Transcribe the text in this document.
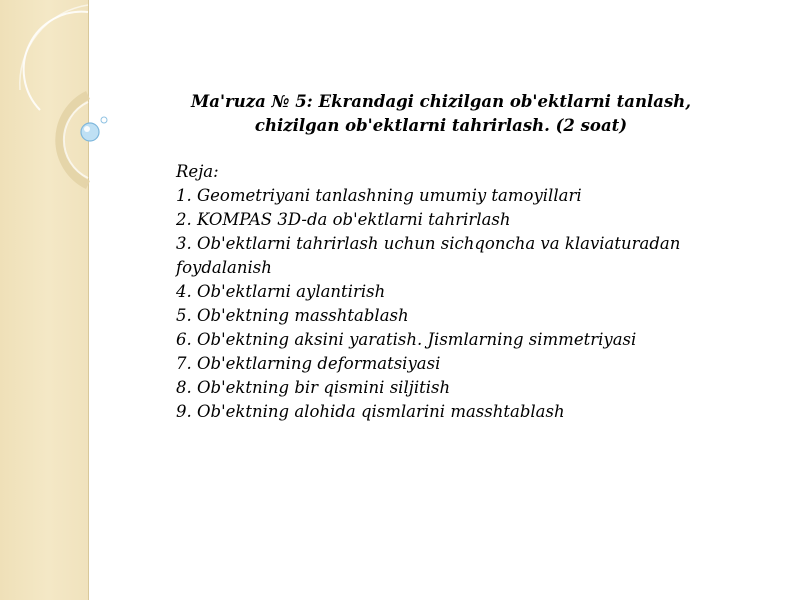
Ma'ruza № 5: Ekrandagi chizilgan ob'ektlarni tanlash,
chizilgan ob'ektlarni tahrirlash. (2 soat)
Reja:
1. Geometriyani tanlashning umumiy tamoyillari
2. KOMPAS 3D-da ob'ektlarni tahrirlash
3. Ob'ektlarni tahrirlash uchun sichqoncha va klaviaturadan
foydalanish
4. Ob'ektlarni aylantirish
5. Ob'ektning masshtablash
6. Ob'ektning aksini yaratish. Jismlarning simmetriyasi
7. Ob'ektlarning deformatsiyasi
8. Ob'ektning bir qismini siljitish
9. Ob'ektning alohida qismlarini masshtablash
